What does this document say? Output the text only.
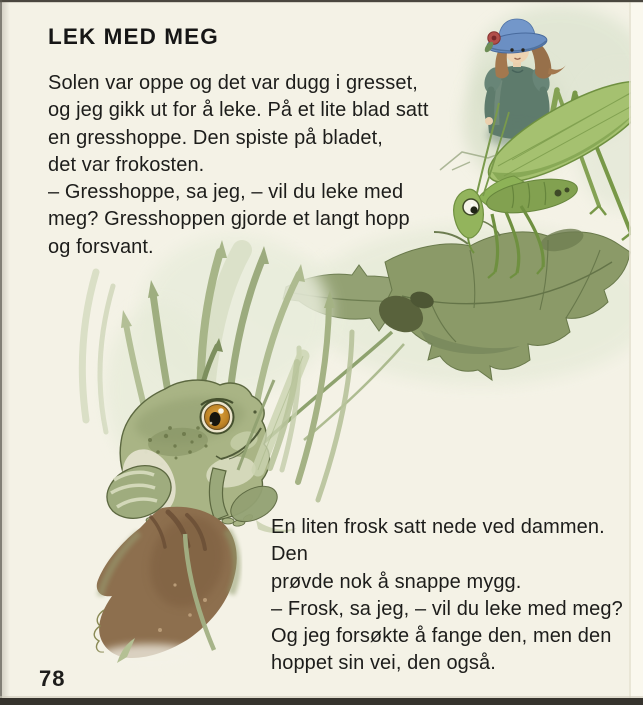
LEK MED MEG
Solen var oppe og det var dugg i gresset,
og jeg gikk ut for å leke. På et lite blad satt
en gresshoppe. Den spiste på bladet,
det var frokosten.
– Gresshoppe, sa jeg, – vil du leke med
meg? Gresshoppen gjorde et langt hopp
og forsvant.
En liten frosk satt nede ved dammen. Den
prøvde nok å snappe mygg.
– Frosk, sa jeg, – vil du leke med meg?
Og jeg forsøkte å fange den, men den
hoppet sin vei, den også.
78
